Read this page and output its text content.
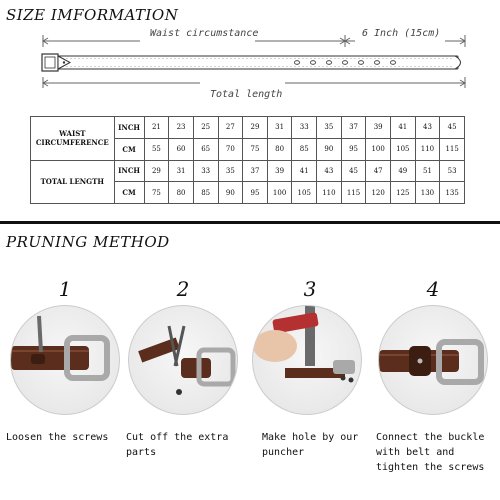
SIZE IMFORMATION
Waist circumstance	6 Inch (15cm)
Total length
WAIST CIRCUMFERENCE	INCH	21	23	25	27	29	31	33	35	37	39	41	43	45
	CM	55	60	65	70	75	80	85	90	95	100	105	110	115
TOTAL LENGTH	INCH	29	31	33	35	37	39	41	43	45	47	49	51	53
	CM	75	80	85	90	95	100	105	110	115	120	125	130	135
PRUNING METHOD
1
Loosen the screws
2
Cut off the extra parts
3
Make hole by our puncher
4
Connect the buckle with belt and tighten the screws
